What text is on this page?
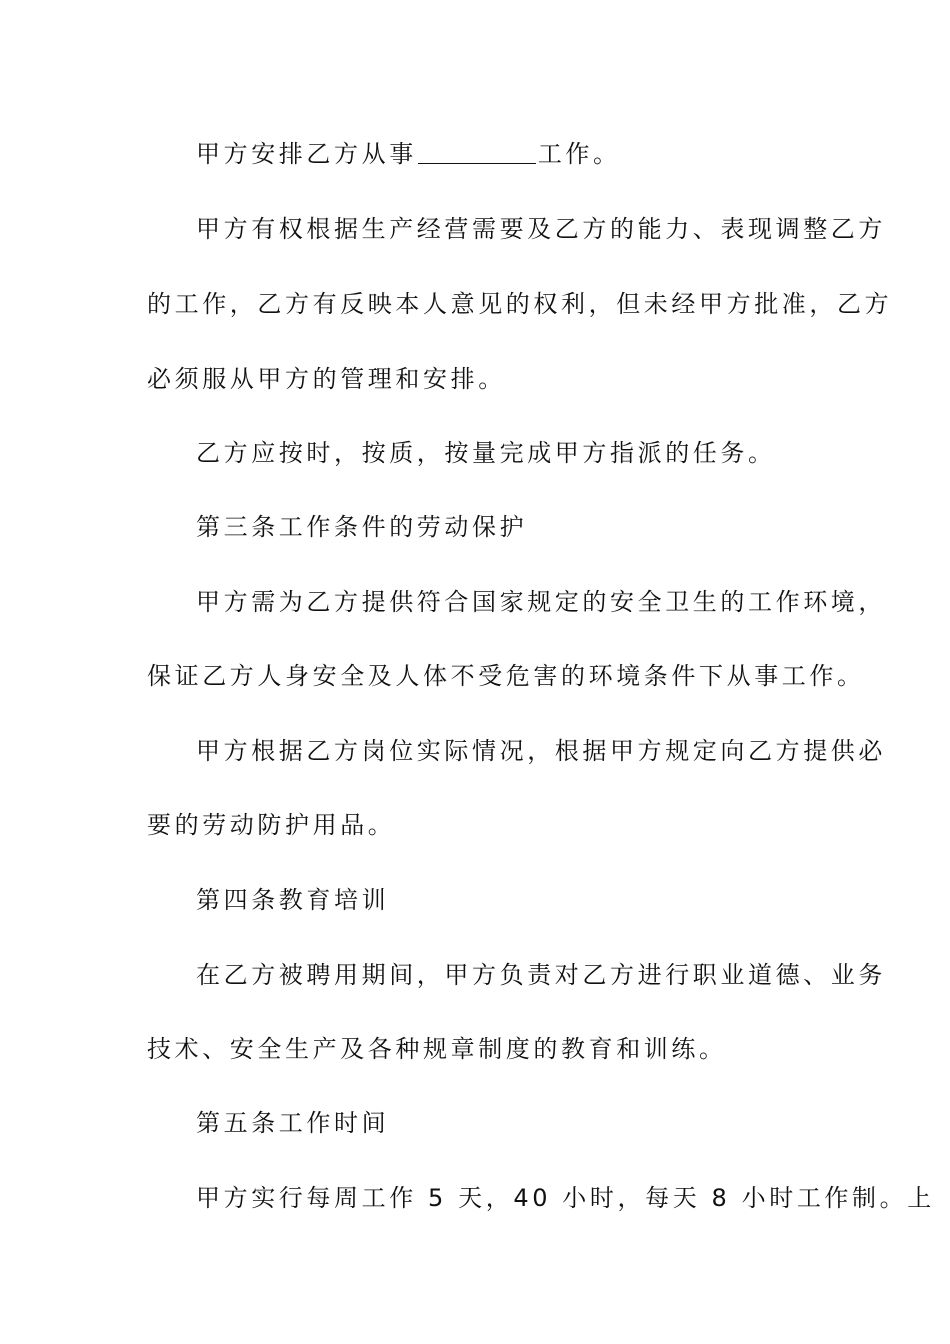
甲方安排乙方从事	工作。
甲方有权根据生产经营需要及乙方的能力、表现调整乙方
的工作，乙方有反映本人意见的权利，但未经甲方批准，乙方
必须服从甲方的管理和安排。
乙方应按时，按质，按量完成甲方指派的任务。
第三条工作条件的劳动保护
甲方需为乙方提供符合国家规定的安全卫生的工作环境，
保证乙方人身安全及人体不受危害的环境条件下从事工作。
甲方根据乙方岗位实际情况，根据甲方规定向乙方提供必
要的劳动防护用品。
第四条教育培训
在乙方被聘用期间，甲方负责对乙方进行职业道德、业务
技术、安全生产及各种规章制度的教育和训练。
第五条工作时间
甲方实行每周工作 5 天，40 小时，每天 8 小时工作制。上
